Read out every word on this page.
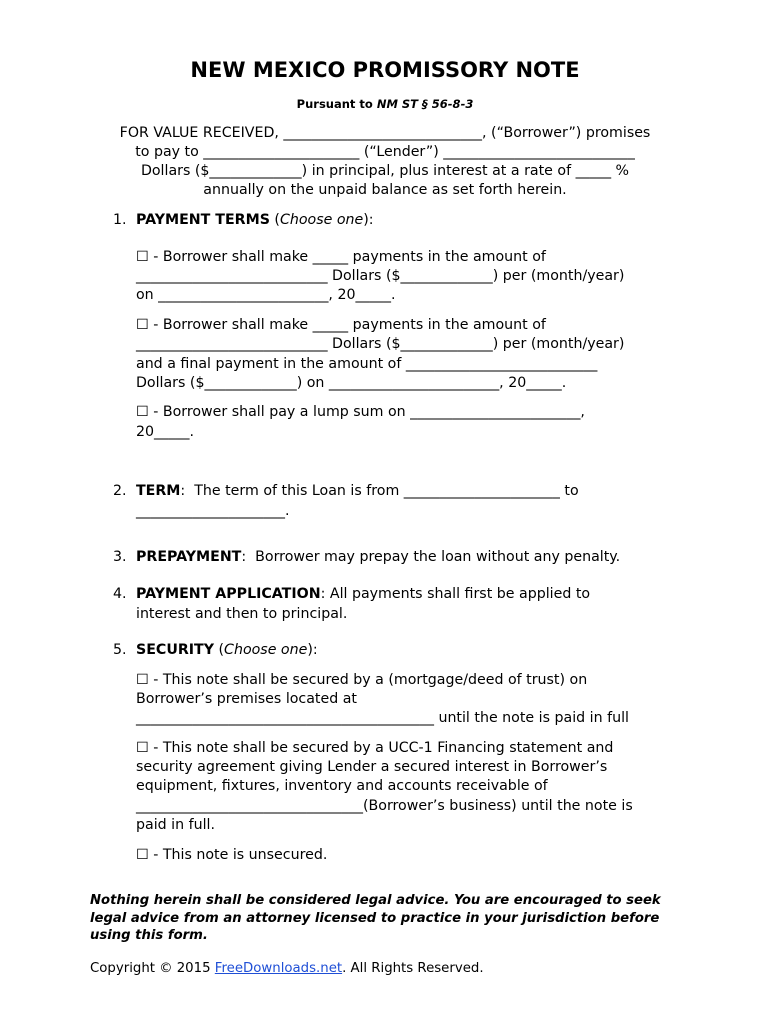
NEW MEXICO PROMISSORY NOTE
Pursuant to NM ST § 56-8-3
FOR VALUE RECEIVED, ____________________________, (“Borrower”) promises
to pay to ______________________ (“Lender”) ___________________________
Dollars ($_____________) in principal, plus interest at a rate of _____ %
annually on the unpaid balance as set forth herein.
1. PAYMENT TERMS (Choose one):
☐ - Borrower shall make _____ payments in the amount of
___________________________ Dollars ($_____________) per (month/year)
on ________________________, 20_____.
☐ - Borrower shall make _____ payments in the amount of
___________________________ Dollars ($_____________) per (month/year)
and a final payment in the amount of ___________________________
Dollars ($_____________) on ________________________, 20_____.
☐ - Borrower shall pay a lump sum on ________________________,
20_____.
2. TERM:  The term of this Loan is from ______________________ to
_____________________.
3. PREPAYMENT:  Borrower may prepay the loan without any penalty.
4. PAYMENT APPLICATION: All payments shall first be applied to
interest and then to principal.
5. SECURITY (Choose one):
☐ - This note shall be secured by a (mortgage/deed of trust) on
Borrower’s premises located at
__________________________________________ until the note is paid in full
☐ - This note shall be secured by a UCC-1 Financing statement and
security agreement giving Lender a secured interest in Borrower’s
equipment, fixtures, inventory and accounts receivable of
________________________________(Borrower’s business) until the note is
paid in full.
☐ - This note is unsecured.
Nothing herein shall be considered legal advice. You are encouraged to seek legal advice from an attorney licensed to practice in your jurisdiction before using this form.
Copyright © 2015 FreeDownloads.net. All Rights Reserved.
